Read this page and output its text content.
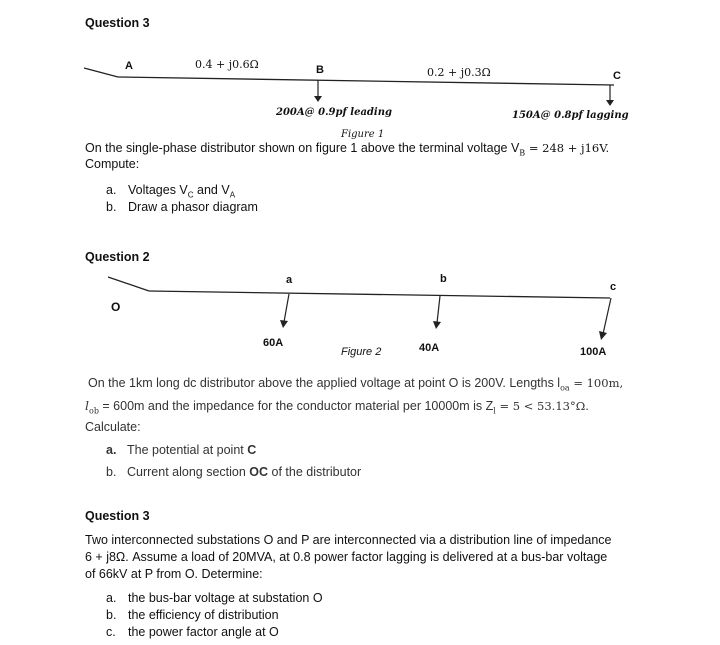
Question 3
A	B	C
0.4 + j0.6Ω
0.2 + j0.3Ω
200A@ 0.9pf leading	150A@ 0.8pf lagging
Figure 1
On the single-phase distributor shown on figure 1 above the terminal voltage $V_B = 248 + j16V$.
Compute:
a. Voltages $V_C$ and $V_A$
b. Draw a phasor diagram
Question 2
O
a	b
c
60A	40A	100A
Figure 2
On the 1km long dc distributor above the applied voltage at point O is 200V. Lengths $l_{oa} = 100m$,
$l_{ob} = 600m$ and the impedance for the conductor material per 10000m is $Z_l = 5 < 53.13^\circ\Omega$.
Calculate:
a. The potential at point C
b. Current along section OC of the distributor
Question 3
Two interconnected substations O and P are interconnected via a distribution line of impedance
6 + j8Ω. Assume a load of 20MVA, at 0.8 power factor lagging is delivered at a bus-bar voltage
of 66kV at P from O. Determine:
a. the bus-bar voltage at substation O
b. the efficiency of distribution
c. the power factor angle at O
